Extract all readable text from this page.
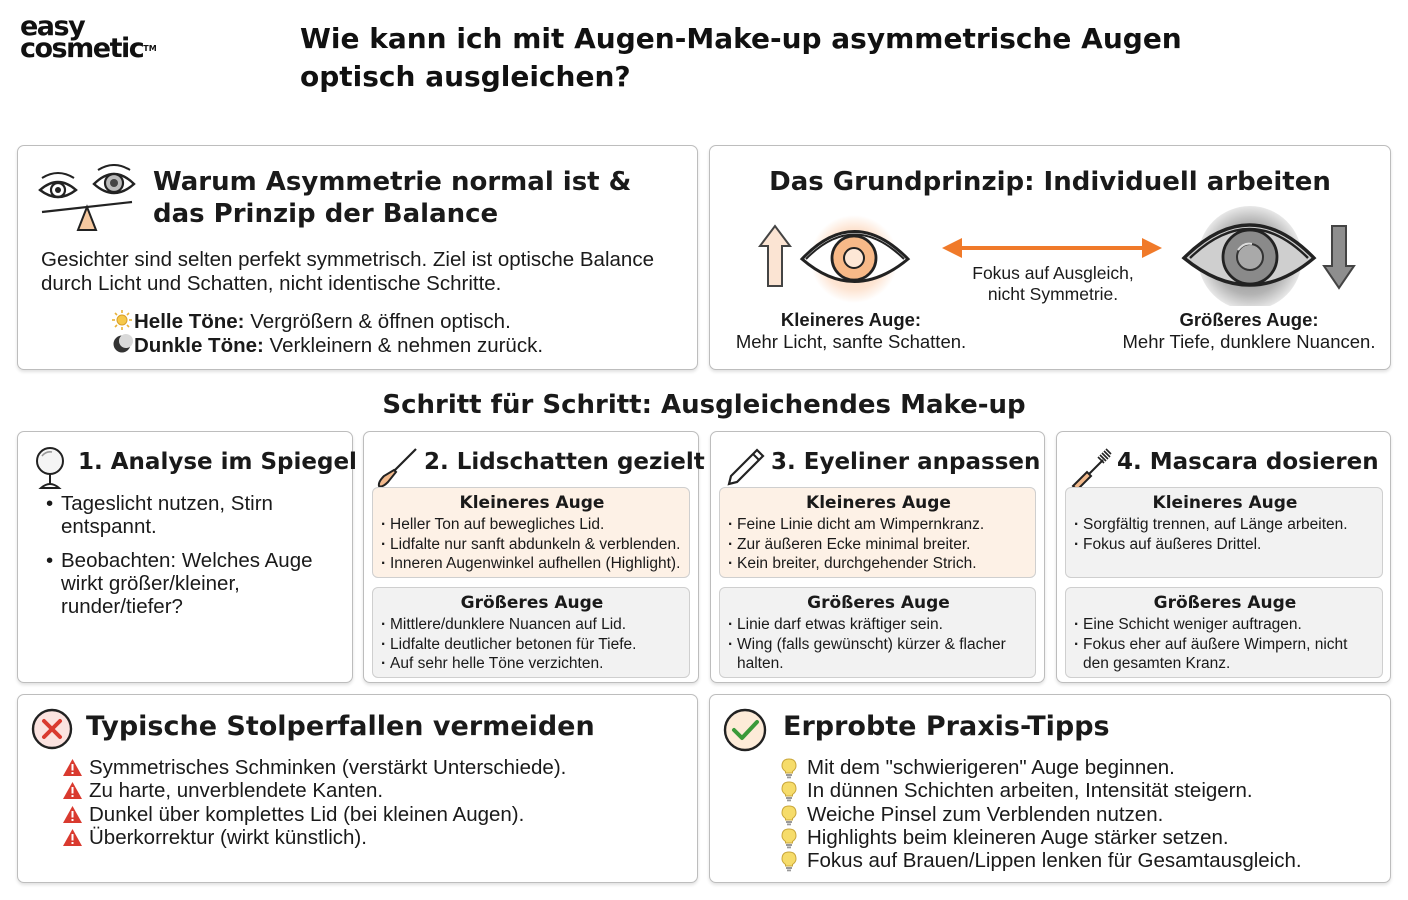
easy
cosmetic™	Wie kann ich mit Augen-Make-up asymmetrische Augen optisch ausgleichen?
Warum Asymmetrie normal ist & das Prinzip der Balance
Gesichter sind selten perfekt symmetrisch. Ziel ist optische Balance durch Licht und Schatten, nicht identische Schritte.
Helle Töne: Vergrößern & öffnen optisch.
Dunkle Töne: Verkleinern & nehmen zurück.
Das Grundprinzip: Individuell arbeiten
Fokus auf Ausgleich, nicht Symmetrie.
Kleineres Auge:
Mehr Licht, sanfte Schatten.
Größeres Auge:
Mehr Tiefe, dunklere Nuancen.
Schritt für Schritt: Ausgleichendes Make-up
1. Analyse im Spiegel
• Tageslicht nutzen, Stirn entspannt.
• Beobachten: Welches Auge wirkt größer/kleiner, runder/tiefer?
2. Lidschatten gezielt
Kleineres Auge
· Heller Ton auf bewegliches Lid.
· Lidfalte nur sanft abdunkeln & verblenden.
· Inneren Augenwinkel aufhellen (Highlight).
Größeres Auge
· Mittlere/dunklere Nuancen auf Lid.
· Lidfalte deutlicher betonen für Tiefe.
· Auf sehr helle Töne verzichten.
3. Eyeliner anpassen
Kleineres Auge
· Feine Linie dicht am Wimpernkranz.
· Zur äußeren Ecke minimal breiter.
· Kein breiter, durchgehender Strich.
Größeres Auge
· Linie darf etwas kräftiger sein.
· Wing (falls gewünscht) kürzer & flacher halten.
4. Mascara dosieren
Kleineres Auge
· Sorgfältig trennen, auf Länge arbeiten.
· Fokus auf äußeres Drittel.
Größeres Auge
· Eine Schicht weniger auftragen.
· Fokus eher auf äußere Wimpern, nicht den gesamten Kranz.
Typische Stolperfallen vermeiden
Symmetrisches Schminken (verstärkt Unterschiede).
Zu harte, unverblendete Kanten.
Dunkel über komplettes Lid (bei kleinen Augen).
Überkorrektur (wirkt künstlich).
Erprobte Praxis-Tipps
Mit dem "schwierigeren" Auge beginnen.
In dünnen Schichten arbeiten, Intensität steigern.
Weiche Pinsel zum Verblenden nutzen.
Highlights beim kleineren Auge stärker setzen.
Fokus auf Brauen/Lippen lenken für Gesamtausgleich.
